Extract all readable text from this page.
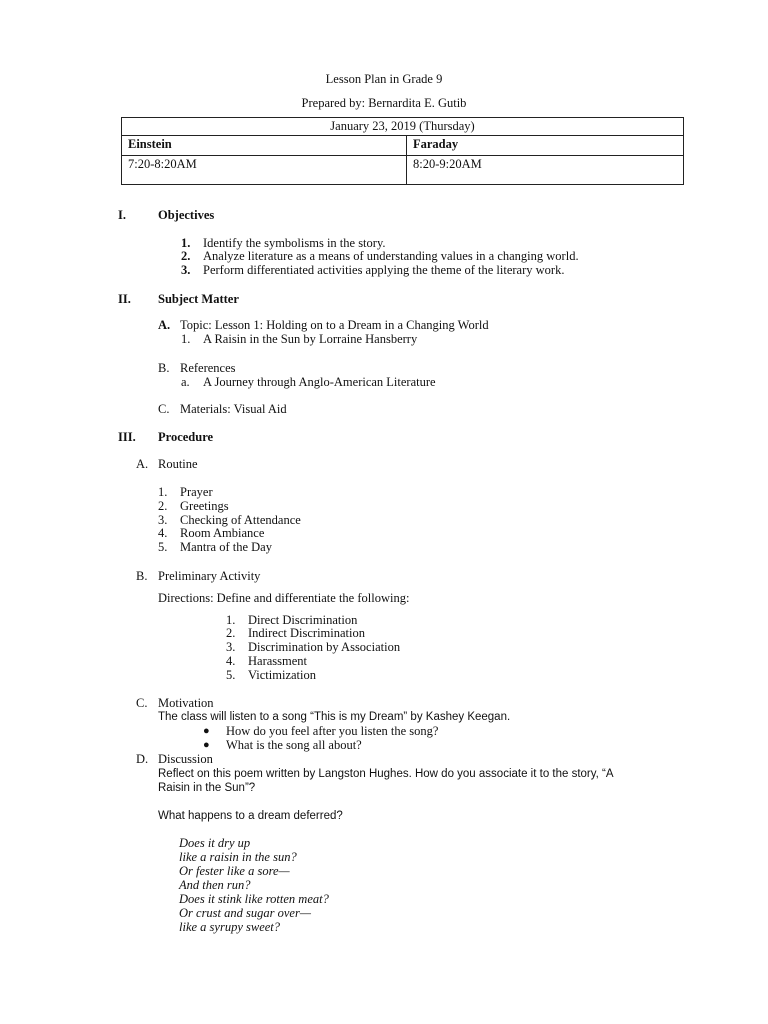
Lesson Plan in Grade 9
Prepared by: Bernardita E. Gutib
January 23, 2019 (Thursday)	
Einstein	Faraday
7:20-8:20AM	8:20-9:20AM
I.	Objectives
1. Identify the symbolisms in the story.
2. Analyze literature as a means of understanding values in a changing world.
3. Perform differentiated activities applying the theme of the literary work.
II. Subject Matter
A. Topic: Lesson 1: Holding on to a Dream in a Changing World
1. A Raisin in the Sun by Lorraine Hansberry
B. References
a. A Journey through Anglo-American Literature
C. Materials: Visual Aid
III. Procedure
A. Routine
1. Prayer
2. Greetings
3. Checking of Attendance
4. Room Ambiance
5. Mantra of the Day
B. Preliminary Activity
Directions: Define and differentiate the following:
1. Direct Discrimination
2. Indirect Discrimination
3. Discrimination by Association
4. Harassment
5. Victimization
C. Motivation
The class will listen to a song “This is my Dream” by Kashey Keegan.
● How do you feel after you listen the song?
● What is the song all about?
D. Discussion
Reflect on this poem written by Langston Hughes. How do you associate it to the story, “A
Raisin in the Sun”?
What happens to a dream deferred?
Does it dry up
like a raisin in the sun?
Or fester like a sore—
And then run?
Does it stink like rotten meat?
Or crust and sugar over—
like a syrupy sweet?
